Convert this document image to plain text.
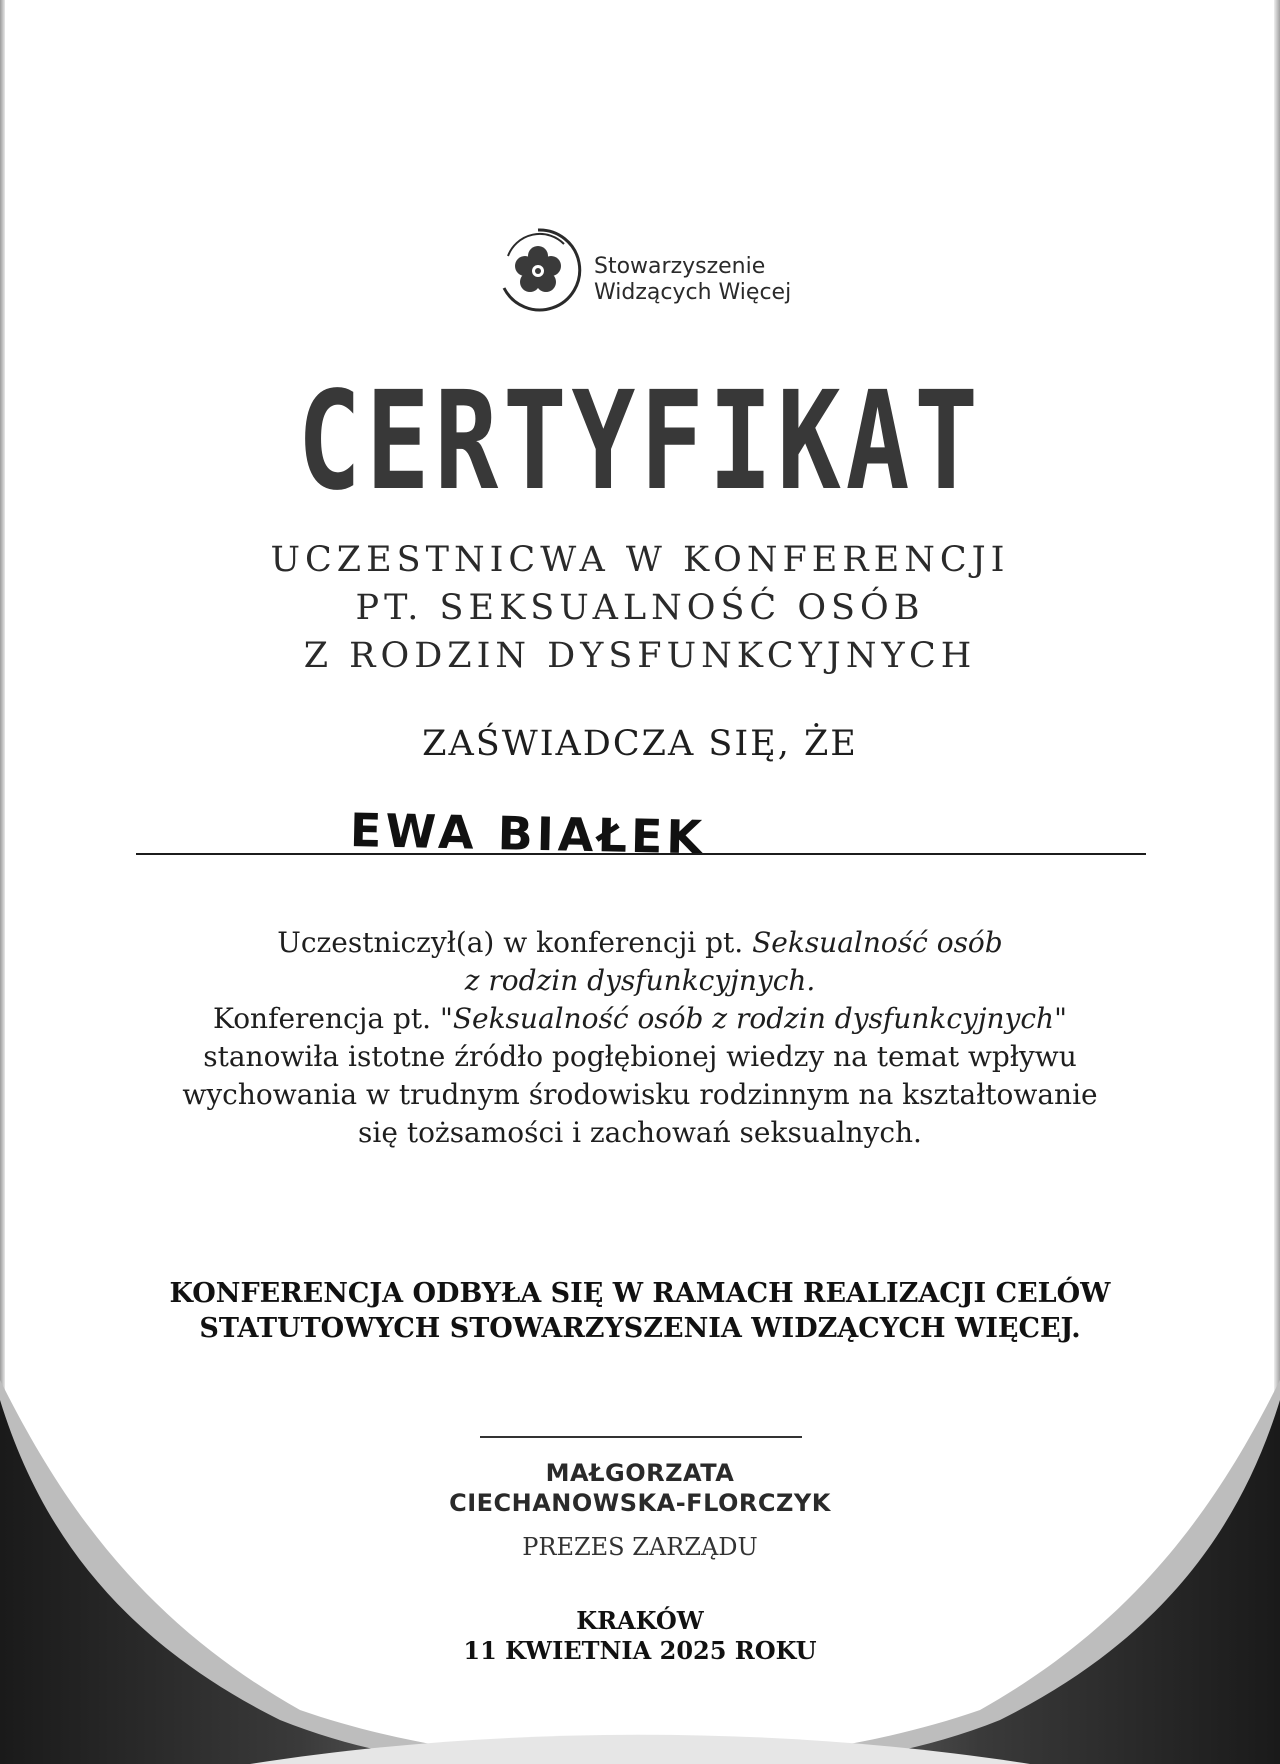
Stowarzyszenie
Widzących Więcej
CERTYFIKAT
UCZESTNICWA W KONFERENCJI
PT. SEKSUALNOŚĆ OSÓB
Z RODZIN DYSFUNKCYJNYCH
ZAŚWIADCZA SIĘ, ŻE
EWA BIAŁEK
Uczestniczył(a) w konferencji pt. Seksualność osób
z rodzin dysfunkcyjnych.
Konferencja pt. "Seksualność osób z rodzin dysfunkcyjnych"
stanowiła istotne źródło pogłębionej wiedzy na temat wpływu
wychowania w trudnym środowisku rodzinnym na kształtowanie
się tożsamości i zachowań seksualnych.
KONFERENCJA ODBYŁA SIĘ W RAMACH REALIZACJI CELÓW
STATUTOWYCH STOWARZYSZENIA WIDZĄCYCH WIĘCEJ.
MAŁGORZATA
CIECHANOWSKA-FLORCZYK
PREZES ZARZĄDU
KRAKÓW
11 KWIETNIA 2025 ROKU
